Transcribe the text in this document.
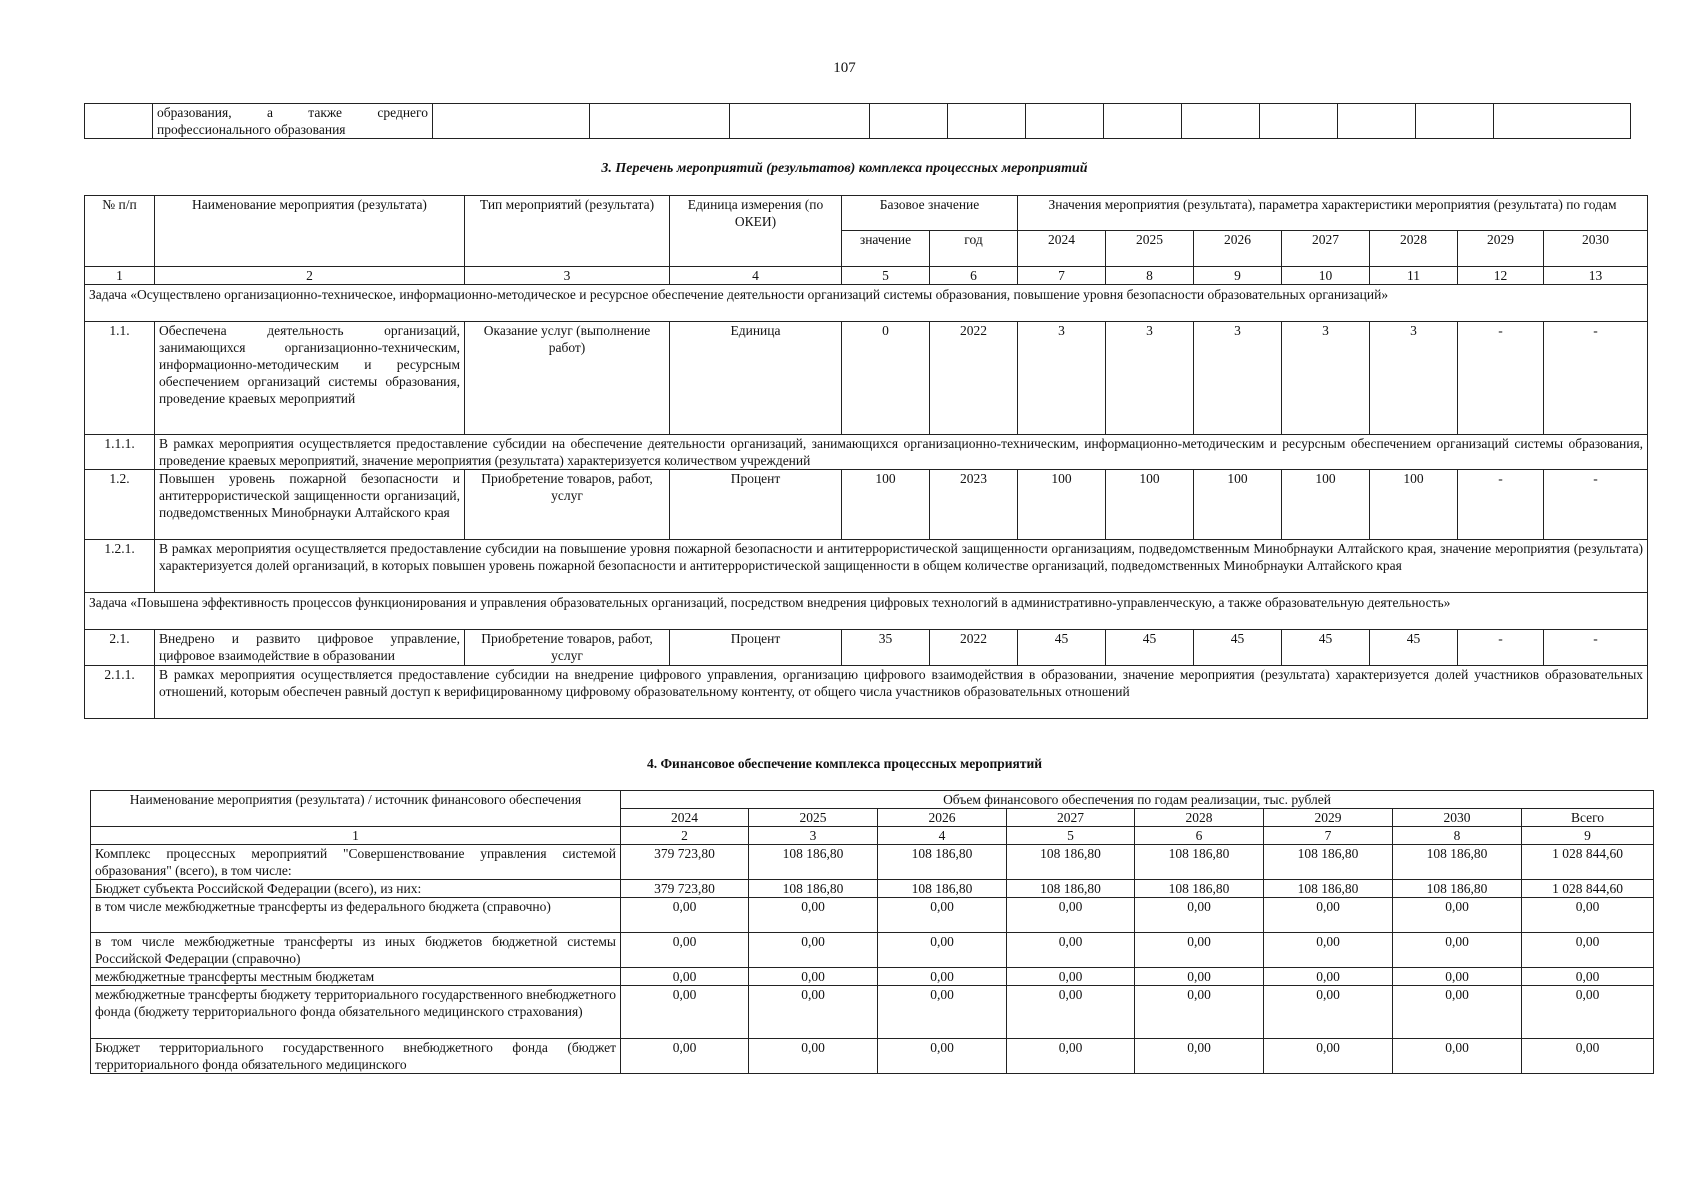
107
	образования, а также среднего профессионального образования												
3. Перечень мероприятий (результатов) комплекса процессных мероприятий
№ п/п	Наименование мероприятия (результата)	Тип мероприятий (результата)	Единица измерения (по ОКЕИ)	Базовое значение		Значения мероприятия (результата), параметра характеристики мероприятия (результата) по годам						
				значение	год	2024	2025	2026	2027	2028	2029	2030
1	2	3	4	5	6	7	8	9	10	11	12	13
Задача «Осуществлено организационно-техническое, информационно-методическое и ресурсное обеспечение деятельности организаций системы образования, повышение уровня безопасности образовательных организаций»												
1.1.	Обеспечена деятельность организаций, занимающихся организационно-техническим, информационно-методическим и ресурсным обеспечением организаций системы образования, проведение краевых мероприятий	Оказание услуг (выполнение работ)	Единица	0	2022	3	3	3	3	3	-	-
1.1.1.	В рамках мероприятия осуществляется предоставление субсидии на обеспечение деятельности организаций, занимающихся организационно-техническим, информационно-методическим и ресурсным обеспечением организаций системы образования, проведение краевых мероприятий, значение мероприятия (результата) характеризуется количеством учреждений											
1.2.	Повышен уровень пожарной безопасности и антитеррористической защищенности организаций, подведомственных Минобрнауки Алтайского края	Приобретение товаров, работ, услуг	Процент	100	2023	100	100	100	100	100	-	-
1.2.1.	В рамках мероприятия осуществляется предоставление субсидии на повышение уровня пожарной безопасности и антитеррористической защищенности организациям, подведомственным Минобрнауки Алтайского края, значение мероприятия (результата) характеризуется долей организаций, в которых повышен уровень пожарной безопасности и антитеррористической защищенности в общем количестве организаций, подведомственных Минобрнауки Алтайского края											
Задача «Повышена эффективность процессов функционирования и управления образовательных организаций, посредством внедрения цифровых технологий в административно-управленческую, а также образовательную деятельность»												
2.1.	Внедрено и развито цифровое управление, цифровое взаимодействие в образовании	Приобретение товаров, работ, услуг	Процент	35	2022	45	45	45	45	45	-	-
2.1.1.	В рамках мероприятия осуществляется предоставление субсидии на внедрение цифрового управления, организацию цифрового взаимодействия в образовании, значение мероприятия (результата) характеризуется долей участников образовательных отношений, которым обеспечен равный доступ к верифицированному цифровому образовательному контенту, от общего числа участников образовательных отношений											
4. Финансовое обеспечение комплекса процессных мероприятий
Наименование мероприятия (результата) / источник финансового обеспечения	Объем финансового обеспечения по годам реализации, тыс. рублей							
	2024	2025	2026	2027	2028	2029	2030	Всего
1	2	3	4	5	6	7	8	9
Комплекс процессных мероприятий "Совершенствование управления системой образования" (всего), в том числе:	379 723,80	108 186,80	108 186,80	108 186,80	108 186,80	108 186,80	108 186,80	1 028 844,60
Бюджет субъекта Российской Федерации (всего), из них:	379 723,80	108 186,80	108 186,80	108 186,80	108 186,80	108 186,80	108 186,80	1 028 844,60
в том числе межбюджетные трансферты из федерального бюджета (справочно)	0,00	0,00	0,00	0,00	0,00	0,00	0,00	0,00
в том числе межбюджетные трансферты из иных бюджетов бюджетной системы Российской Федерации (справочно)	0,00	0,00	0,00	0,00	0,00	0,00	0,00	0,00
межбюджетные трансферты местным бюджетам	0,00	0,00	0,00	0,00	0,00	0,00	0,00	0,00
межбюджетные трансферты бюджету территориального государственного внебюджетного фонда (бюджету территориального фонда обязательного медицинского страхования)	0,00	0,00	0,00	0,00	0,00	0,00	0,00	0,00
Бюджет территориального государственного внебюджетного фонда (бюджет территориального фонда обязательного медицинского	0,00	0,00	0,00	0,00	0,00	0,00	0,00	0,00
